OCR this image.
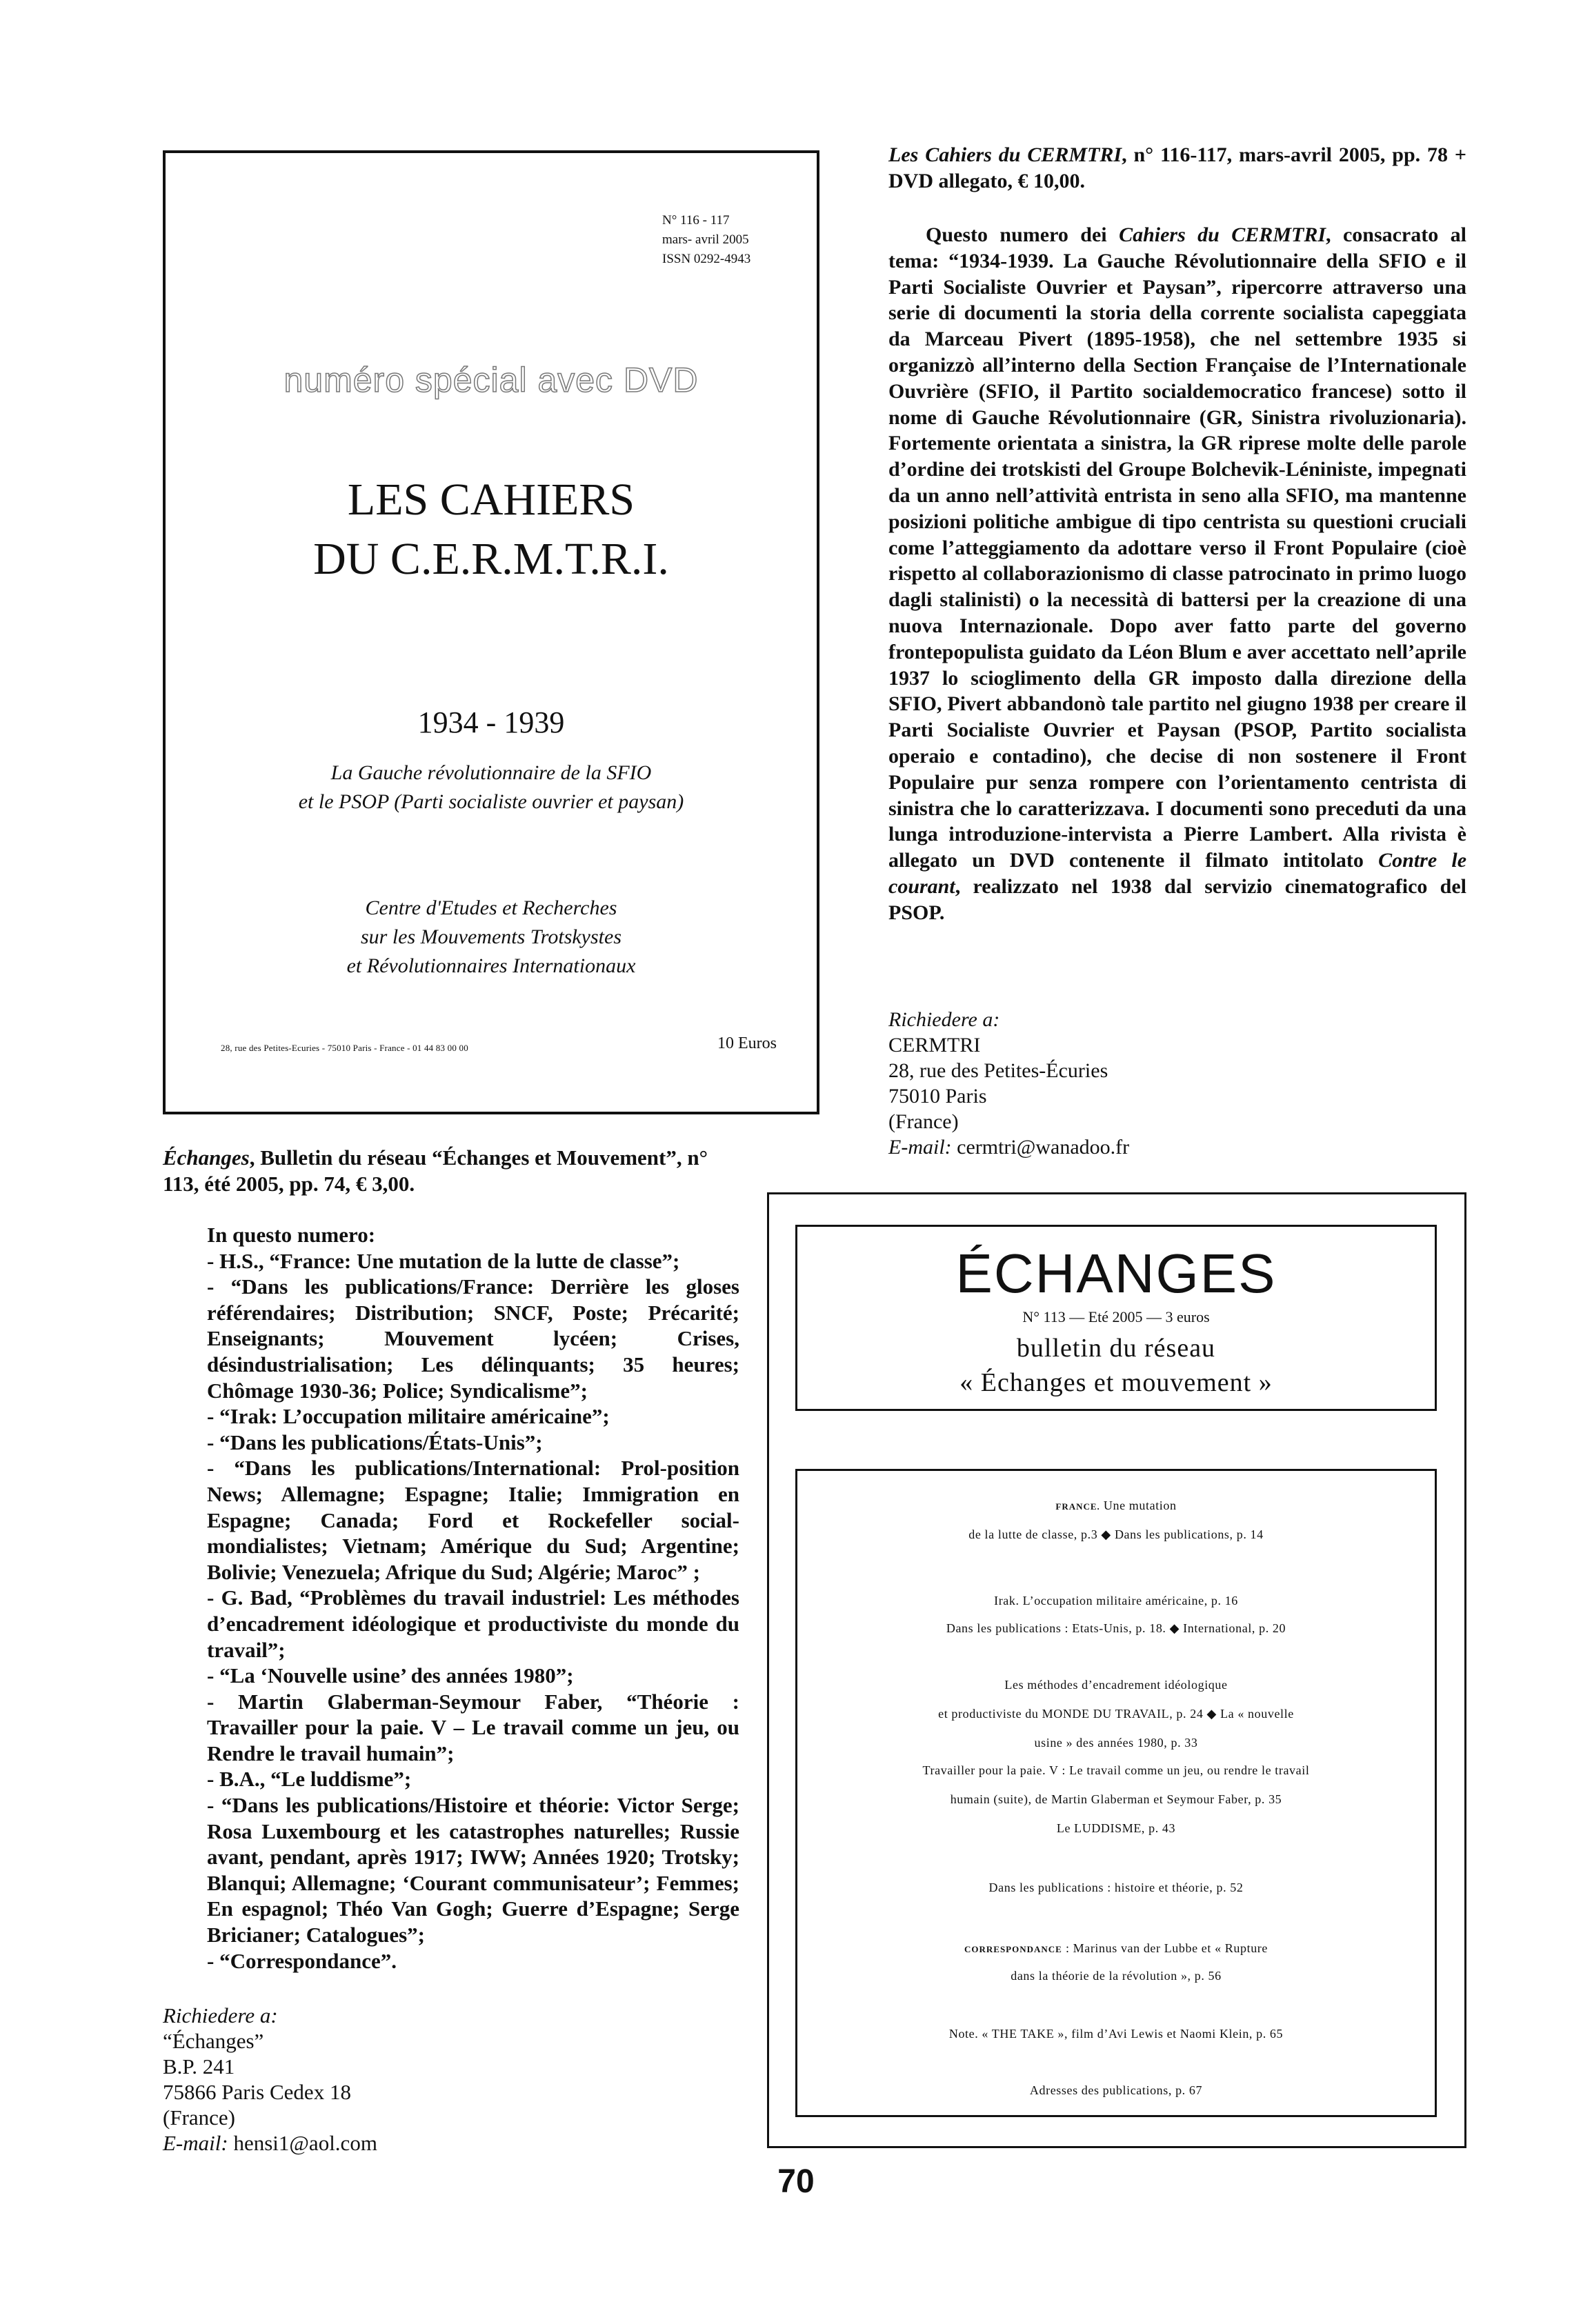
N° 116 - 117
mars- avril 2005
ISSN 0292-4943
numéro spécial avec DVD
LES CAHIERS
DU C.E.R.M.T.R.I.
1934 - 1939
La Gauche révolutionnaire de la SFIO
et le PSOP (Parti socialiste ouvrier et paysan)
Centre d'Etudes et Recherches
sur les Mouvements Trotskystes
et Révolutionnaires Internationaux
28, rue des Petites-Ecuries - 75010 Paris - France - 01 44 83 00 00	10 Euros

Les Cahiers du CERMTRI, n° 116-117, mars-avril 2005, pp. 78 + DVD allegato, € 10,00.

Questo numero dei Cahiers du CERMTRI, consacrato al tema: “1934-1939. La Gauche Révolutionnaire della SFIO e il Parti Socialiste Ouvrier et Paysan”, ripercorre attraverso una serie di documenti la storia della corrente socialista capeggiata da Marceau Pivert (1895-1958), che nel settembre 1935 si organizzò all’interno della Section Française de l’Internationale Ouvrière (SFIO, il Partito socialdemocratico francese) sotto il nome di Gauche Révolutionnaire (GR, Sinistra rivoluzionaria). Fortemente orientata a sinistra, la GR riprese molte delle parole d’ordine dei trotskisti del Groupe Bolchevik-Léniniste, impegnati da un anno nell’attività entrista in seno alla SFIO, ma mantenne posizioni politiche ambigue di tipo centrista su questioni cruciali come l’atteggiamento da adottare verso il Front Populaire (cioè rispetto al collaborazionismo di classe patrocinato in primo luogo dagli stalinisti) o la necessità di battersi per la creazione di una nuova Internazionale. Dopo aver fatto parte del governo frontepopulista guidato da Léon Blum e aver accettato nell’aprile 1937 lo scioglimento della GR imposto dalla direzione della SFIO, Pivert abbandonò tale partito nel giugno 1938 per creare il Parti Socialiste Ouvrier et Paysan (PSOP, Partito socialista operaio e contadino), che decise di non sostenere il Front Populaire pur senza rompere con l’orientamento centrista di sinistra che lo caratterizzava. I documenti sono preceduti da una lunga introduzione-intervista a Pierre Lambert. Alla rivista è allegato un DVD contenente il filmato intitolato Contre le courant, realizzato nel 1938 dal servizio cinematografico del PSOP.

Richiedere a:
CERMTRI
28, rue des Petites-Écuries
75010 Paris
(France)
E-mail: cermtri@wanadoo.fr

Échanges, Bulletin du réseau “Échanges et Mouvement”, n° 113, été 2005, pp. 74, € 3,00.

In questo numero:

- H.S., “France: Une mutation de la lutte de classe”;

- “Dans les publications/France: Derrière les gloses référendaires; Distribution; SNCF, Poste; Précarité; Enseignants; Mouvement lycéen; Crises, désindustrialisation; Les délinquants; 35 heures; Chômage 1930-36; Police; Syndicalisme”;

- “Irak: L’occupation militaire américaine”;

- “Dans les publications/États-Unis”;

- “Dans les publications/International: Prol-position News; Allemagne; Espagne; Italie; Immigration en Espagne; Canada; Ford et Rockefeller social-mondialistes; Vietnam; Amérique du Sud; Argentine; Bolivie; Venezuela; Afrique du Sud; Algérie; Maroc” ;

- G. Bad, “Problèmes du travail industriel: Les méthodes d’encadrement idéologique et productiviste du monde du travail”;

- “La ‘Nouvelle usine’ des années 1980”;

- Martin Glaberman-Seymour Faber, “Théorie : Travailler pour la paie. V – Le travail comme un jeu, ou Rendre le travail humain”;

- B.A., “Le luddisme”;

- “Dans les publications/Histoire et théorie: Victor Serge; Rosa Luxembourg et les catastrophes naturelles; Russie avant, pendant, après 1917; IWW; Années 1920; Trotsky; Blanqui; Allemagne; ‘Courant communisateur’; Femmes; En espagnol; Théo Van Gogh; Guerre d’Espagne; Serge Bricianer; Catalogues”;

- “Correspondance”.

Richiedere a:
“Échanges”
B.P. 241
75866 Paris Cedex 18
(France)
E-mail: hensi1@aol.com
ÉCHANGES
N° 113 — Eté 2005 — 3 euros
bulletin du réseau
« Échanges et mouvement »
FRANCE. Une mutation
de la lutte de classe, p.3 ◆ Dans les publications, p. 14
Irak. L’occupation militaire américaine, p. 16
Dans les publications : Etats-Unis, p. 18. ◆ International, p. 20
Les méthodes d’encadrement idéologique
et productiviste du MONDE DU TRAVAIL, p. 24 ◆ La « nouvelle
usine » des années 1980, p. 33
Travailler pour la paie. V : Le travail comme un jeu, ou rendre le travail
humain (suite), de Martin Glaberman et Seymour Faber, p. 35
Le LUDDISME, p. 43
Dans les publications : histoire et théorie, p. 52
CORRESPONDANCE : Marinus van der Lubbe et « Rupture
dans la théorie de la révolution », p. 56
Note. « THE TAKE », film d’Avi Lewis et Naomi Klein, p. 65
Adresses des publications, p. 67
70
